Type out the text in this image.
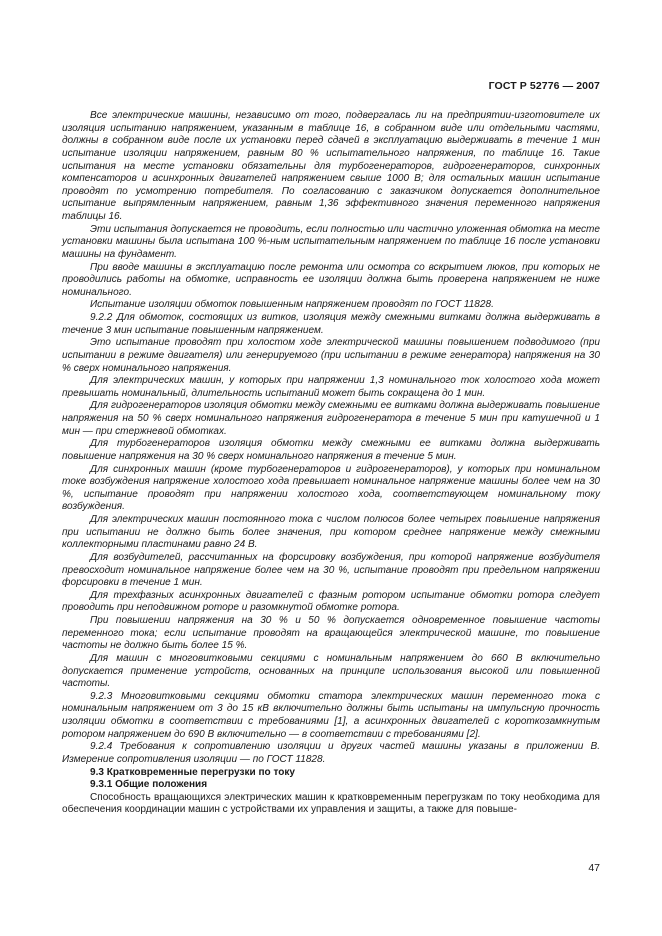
ГОСТ Р 52776 — 2007

Все электрические машины, независимо от того, подвергалась ли на предприятии-изготовителе их изоляция испытанию напряжением, указанным в таблице 16, в собранном виде или отдельными частями, должны в собранном виде после их установки перед сдачей в эксплуатацию выдерживать в течение 1 мин испытание изоляции напряжением, равным 80 % испытательного напряжения, по таблице 16. Такие испытания на месте установки обязательны для турбогенераторов, гидрогенераторов, синхронных компенсаторов и асинхронных двигателей напряжением свыше 1000 В; для остальных машин испытание проводят по усмотрению потребителя. По согласованию с заказчиком допускается дополнительное испытание выпрямленным напряжением, равным 1,36 эффективного значения переменного напряжения таблицы 16.

Эти испытания допускается не проводить, если полностью или частично уложенная обмотка на месте установки машины была испытана 100 %-ным испытательным напряжением по таблице 16 после установки машины на фундамент.

При вводе машины в эксплуатацию после ремонта или осмотра со вскрытием люков, при которых не проводились работы на обмотке, исправность ее изоляции должна быть проверена напряжением не ниже номинального.

Испытание изоляции обмоток повышенным напряжением проводят по ГОСТ 11828.

9.2.2 Для обмоток, состоящих из витков, изоляция между смежными витками должна выдерживать в течение 3 мин испытание повышенным напряжением.

Это испытание проводят при холостом ходе электрической машины повышением подводимого (при испытании в режиме двигателя) или генерируемого (при испытании в режиме генератора) напряжения на 30 % сверх номинального напряжения.

Для электрических машин, у которых при напряжении 1,3 номинального ток холостого хода может превышать номинальный, длительность испытаний может быть сокращена до 1 мин.

Для гидрогенераторов изоляция обмотки между смежными ее витками должна выдерживать повышение напряжения на 50 % сверх номинального напряжения гидрогенератора в течение 5 мин при катушечной и 1 мин — при стержневой обмотках.

Для турбогенераторов изоляция обмотки между смежными ее витками должна выдерживать повышение напряжения на 30 % сверх номинального напряжения в течение 5 мин.

Для синхронных машин (кроме турбогенераторов и гидрогенераторов), у которых при номинальном токе возбуждения напряжение холостого хода превышает номинальное напряжение машины более чем на 30 %, испытание проводят при напряжении холостого хода, соответствующем номинальному току возбуждения.

Для электрических машин постоянного тока с числом полюсов более четырех повышение напряжения при испытании не должно быть более значения, при котором среднее напряжение между смежными коллекторными пластинами равно 24 В.

Для возбудителей, рассчитанных на форсировку возбуждения, при которой напряжение возбудителя превосходит номинальное напряжение более чем на 30 %, испытание проводят при предельном напряжении форсировки в течение 1 мин.

Для трехфазных асинхронных двигателей с фазным ротором испытание обмотки ротора следует проводить при неподвижном роторе и разомкнутой обмотке ротора.

При повышении напряжения на 30 % и 50 % допускается одновременное повышение частоты переменного тока; если испытание проводят на вращающейся электрической машине, то повышение частоты не должно быть более 15 %.

Для машин с многовитковыми секциями с номинальным напряжением до 660 В включительно допускается применение устройств, основанных на принципе использования высокой или повышенной частоты.

9.2.3 Многовитковыми секциями обмотки статора электрических машин переменного тока с номинальным напряжением от 3 до 15 кВ включительно должны быть испытаны на импульсную прочность изоляции обмотки в соответствии с требованиями [1], а асинхронных двигателей с короткозамкнутым ротором напряжением до 690 В включительно — в соответствии с требованиями [2].

9.2.4 Требования к сопротивлению изоляции и других частей машины указаны в приложении В. Измерение сопротивления изоляции — по ГОСТ 11828.

9.3 Кратковременные перегрузки по току

9.3.1 Общие положения

Способность вращающихся электрических машин к кратковременным перегрузкам по току необходима для обеспечения координации машин с устройствами их управления и защиты, а также для повыше-

47
